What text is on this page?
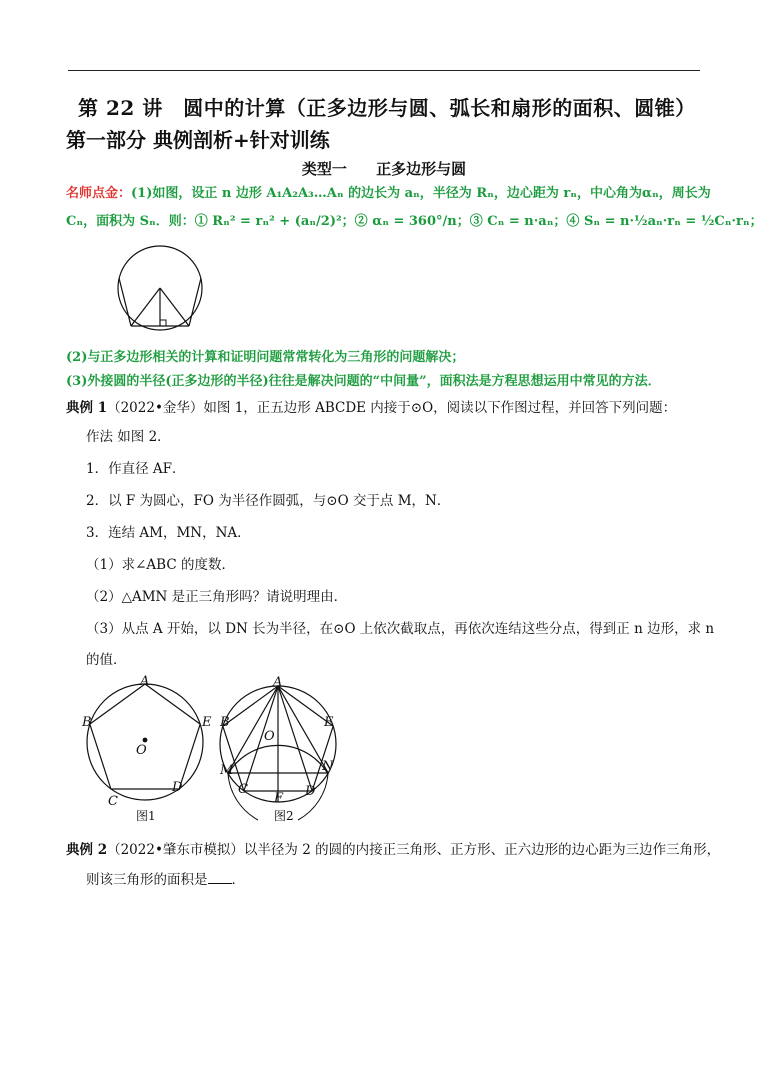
第 22 讲　圆中的计算（正多边形与圆、弧长和扇形的面积、圆锥）
第一部分 典例剖析+针对训练
类型一 正多边形与圆
名师点金：(1)如图，设正 n 边形 A₁A₂A₃…Aₙ 的边长为 aₙ，半径为 Rₙ，边心距为 rₙ，中心角为αₙ，周长为
Cₙ，面积为 Sₙ．则：① Rₙ² = rₙ² + (aₙ/2)²；② αₙ = 360°/n；③ Cₙ = n·aₙ；④ Sₙ = n·½aₙ·rₙ = ½Cₙ·rₙ；
(2)与正多边形相关的计算和证明问题常常转化为三角形的问题解决；
(3)外接圆的半径(正多边形的半径)往往是解决问题的“中间量”，面积法是方程思想运用中常见的方法．
典例 1（2022•金华）如图 1，正五边形 ABCDE 内接于⊙O，阅读以下作图过程，并回答下列问题：
作法 如图 2．
1．作直径 AF．
2．以 F 为圆心，FO 为半径作圆弧，与⊙O 交于点 M，N．
3．连结 AM，MN，NA．
（1）求∠ABC 的度数．
（2）△AMN 是正三角形吗？请说明理由．
（3）从点 A 开始，以 DN 长为半径，在⊙O 上依次截取点，再依次连结这些分点，得到正 n 边形，求 n
的值．
A
E
B
C
D
O
图1
A
E
B
O
M	N
C	D
F
图2
典例 2（2022•肇东市模拟）以半径为 2 的圆的内接正三角形、正方形、正六边形的边心距为三边作三角形，
则该三角形的面积是 ．
